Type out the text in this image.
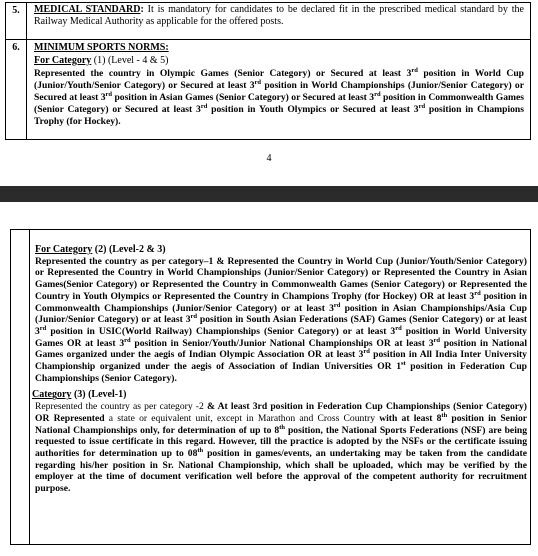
5.	MEDICAL STANDARD: It is mandatory for candidates to be declared fit in the prescribed medical standard by the Railway Medical Authority as applicable for the offered posts.

6.	MINIMUM SPORTS NORMS:
For Category (1) (Level - 4 & 5)
Represented the country in Olympic Games (Senior Category) or Secured at least 3rd position in World Cup (Junior/Youth/Senior Category) or Secured at least 3rd position in World Championships (Junior/Senior Category) or Secured at least 3rd position in Asian Games (Senior Category) or Secured at least 3rd position in Commonwealth Games (Senior Category) or Secured at least 3rd position in Youth Olympics or Secured at least 3rd position in Champions Trophy (for Hockey).
4

For Category (2) (Level-2 & 3)
Represented the country as per category–1 & Represented the Country in World Cup (Junior/Youth/Senior Category) or Represented the Country in World Championships (Junior/Senior Category) or Represented the Country in Asian Games(Senior Category) or Represented the Country in Commonwealth Games (Senior Category) or Represented the Country in Youth Olympics or Represented the Country in Champions Trophy (for Hockey) OR at least 3rd position in Commonwealth Championships (Junior/Senior Category) or at least 3rd position in Asian Championships/Asia Cup (Junior/Senior Category) or at least 3rd position in South Asian Federations (SAF) Games (Senior Category) or at least 3rd position in USIC(World Railway) Championships (Senior Category) or at least 3rd position in World University Games OR at least 3rd position in Senior/Youth/Junior National Championships OR at least 3rd position in National Games organized under the aegis of Indian Olympic Association OR at least 3rd position in All India Inter University Championship organized under the aegis of Association of Indian Universities OR 1st position in Federation Cup Championships (Senior Category).
Category (3) (Level-1)
Represented the country as per category -2 & At least 3rd position in Federation Cup Championships (Senior Category) OR Represented a state or equivalent unit, except in Marathon and Cross Country with at least 8th position in Senior National Championships only, for determination of up to 8th position, the National Sports Federations (NSF) are being requested to issue certificate in this regard. However, till the practice is adopted by the NSFs or the certificate issuing authorities for determination up to 08th position in games/events, an undertaking may be taken from the candidate regarding his/her position in Sr. National Championship, which shall be uploaded, which may be verified by the employer at the time of document verification well before the approval of the competent authority for recruitment purpose.
